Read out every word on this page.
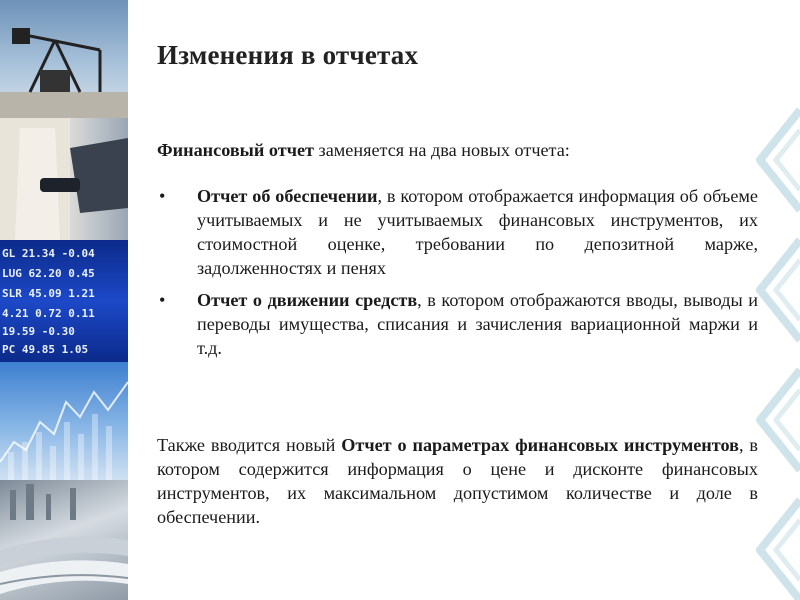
GL 21.34 -0.04
LUG 62.20 0.45
SLR 45.09 1.21
4.21 0.72 0.11
19.59 -0.30
PC 49.85 1.05
Изменения в отчетах
Финансовый отчет заменяется на два новых отчета:
• Отчет об обеспечении, в котором отображается информация об объеме учитываемых и не учитываемых финансовых инструментов, их стоимостной оценке, требовании по депозитной марже, задолженностях и пенях
• Отчет о движении средств, в котором отображаются вводы, выводы и переводы имущества, списания и зачисления вариационной маржи и т.д.
Также вводится новый Отчет о параметрах финансовых инструментов, в котором содержится информация о цене и дисконте финансовых инструментов, их максимальном допустимом количестве и доле в обеспечении.
